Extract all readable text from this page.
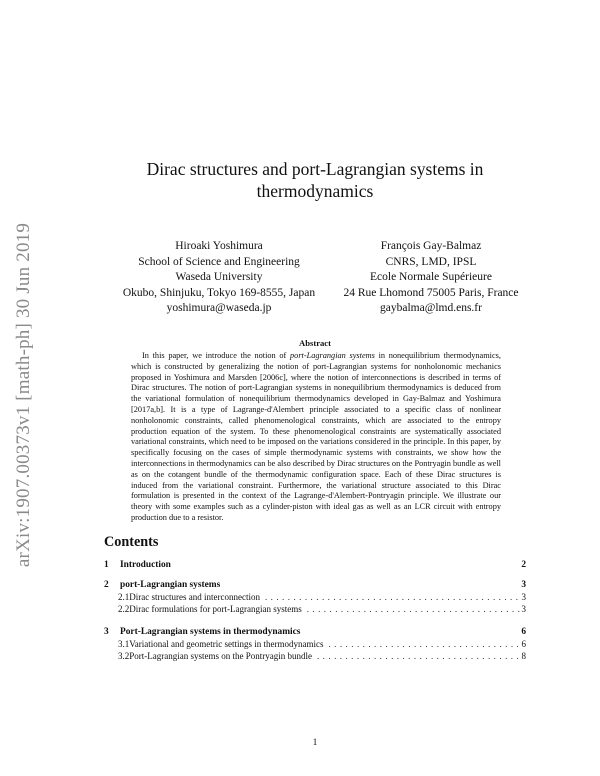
arXiv:1907.00373v1 [math-ph] 30 Jun 2019
Dirac structures and port-Lagrangian systems in
thermodynamics
Hiroaki Yoshimura
School of Science and Engineering
Waseda University
Okubo, Shinjuku, Tokyo 169-8555, Japan
yoshimura@waseda.jp
François Gay-Balmaz
CNRS, LMD, IPSL
Ecole Normale Supérieure
24 Rue Lhomond 75005 Paris, France
gaybalma@lmd.ens.fr
Abstract

In this paper, we introduce the notion of port-Lagrangian systems in nonequilibrium thermodynamics, which is constructed by generalizing the notion of port-Lagrangian systems for nonholonomic mechanics proposed in Yoshimura and Marsden [2006c], where the notion of interconnections is described in terms of Dirac structures. The notion of port-Lagrangian systems in nonequilibrium thermodynamics is deduced from the variational formulation of nonequilibrium thermodynamics developed in Gay-Balmaz and Yoshimura [2017a,b]. It is a type of Lagrange-d'Alembert principle associated to a specific class of nonlinear nonholonomic constraints, called phenomenological constraints, which are associated to the entropy production equation of the system. To these phenomenological constraints are systematically associated variational constraints, which need to be imposed on the variations considered in the principle. In this paper, by specifically focusing on the cases of simple thermodynamic systems with constraints, we show how the interconnections in thermodynamics can be also described by Dirac structures on the Pontryagin bundle as well as on the cotangent bundle of the thermodynamic configuration space. Each of these Dirac structures is induced from the variational constraint. Furthermore, the variational structure associated to this Dirac formulation is presented in the context of the Lagrange-d'Alembert-Pontryagin principle. We illustrate our theory with some examples such as a cylinder-piston with ideal gas as well as an LCR circuit with entropy production due to a resistor.

Contents
1	Introduction	2
2	port-Lagrangian systems	3
2.1 Dirac structures and interconnection . . .	3
2.2 Dirac formulations for port-Lagrangian systems . . .	3
3	Port-Lagrangian systems in thermodynamics	6
3.1 Variational and geometric settings in thermodynamics . . .	6
3.2 Port-Lagrangian systems on the Pontryagin bundle . . .	8
1
